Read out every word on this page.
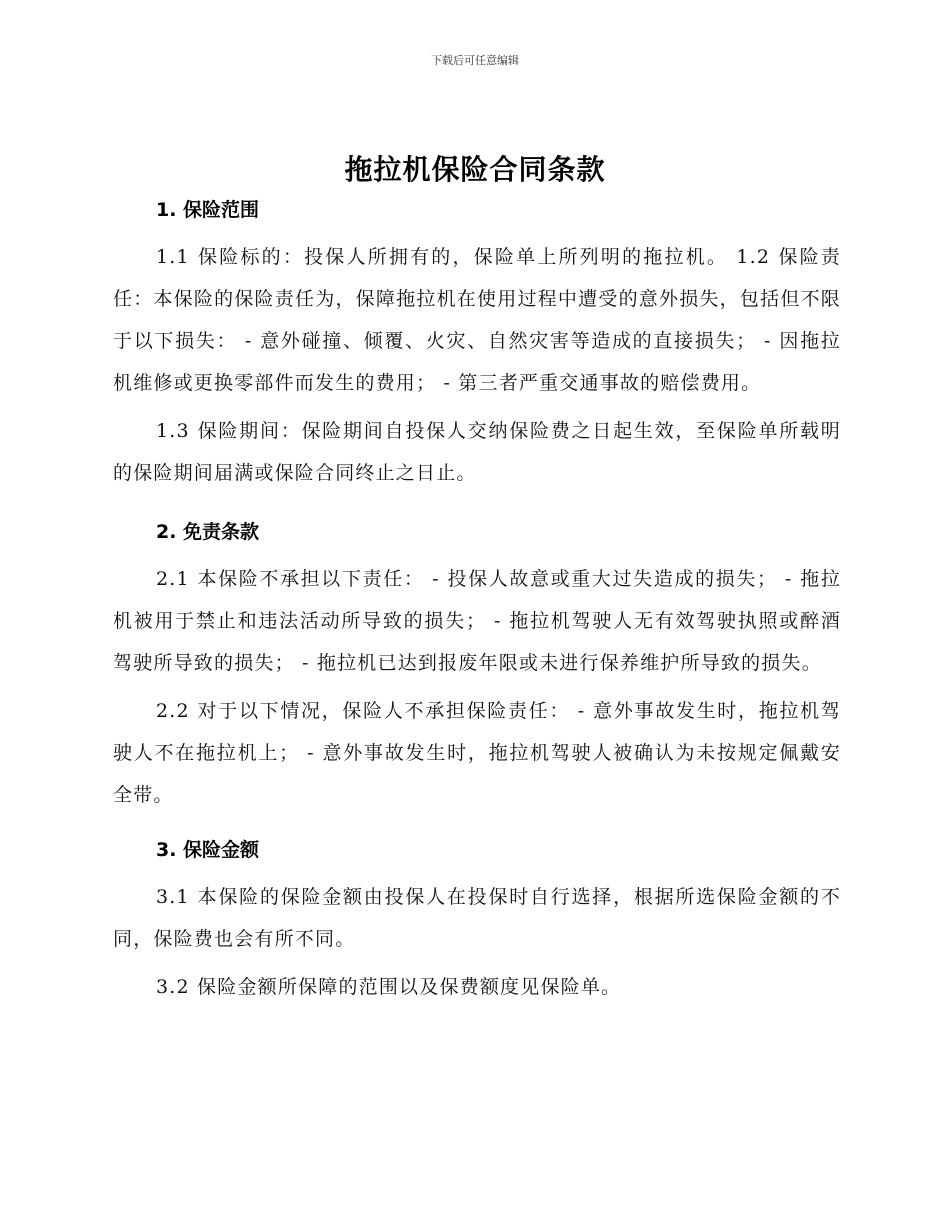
下载后可任意编辑
拖拉机保险合同条款
1. 保险范围

1.1 保险标的：投保人所拥有的，保险单上所列明的拖拉机。 1.2 保险责任：本保险的保险责任为，保障拖拉机在使用过程中遭受的意外损失，包括但不限于以下损失： - 意外碰撞、倾覆、火灾、自然灾害等造成的直接损失； - 因拖拉机维修或更换零部件而发生的费用； - 第三者严重交通事故的赔偿费用。

1.3 保险期间：保险期间自投保人交纳保险费之日起生效，至保险单所载明的保险期间届满或保险合同终止之日止。

2. 免责条款

2.1 本保险不承担以下责任： - 投保人故意或重大过失造成的损失； - 拖拉机被用于禁止和违法活动所导致的损失； - 拖拉机驾驶人无有效驾驶执照或醉酒驾驶所导致的损失； - 拖拉机已达到报废年限或未进行保养维护所导致的损失。

2.2 对于以下情况，保险人不承担保险责任： - 意外事故发生时，拖拉机驾驶人不在拖拉机上； - 意外事故发生时，拖拉机驾驶人被确认为未按规定佩戴安全带。

3. 保险金额

3.1 本保险的保险金额由投保人在投保时自行选择，根据所选保险金额的不同，保险费也会有所不同。

3.2 保险金额所保障的范围以及保费额度见保险单。
